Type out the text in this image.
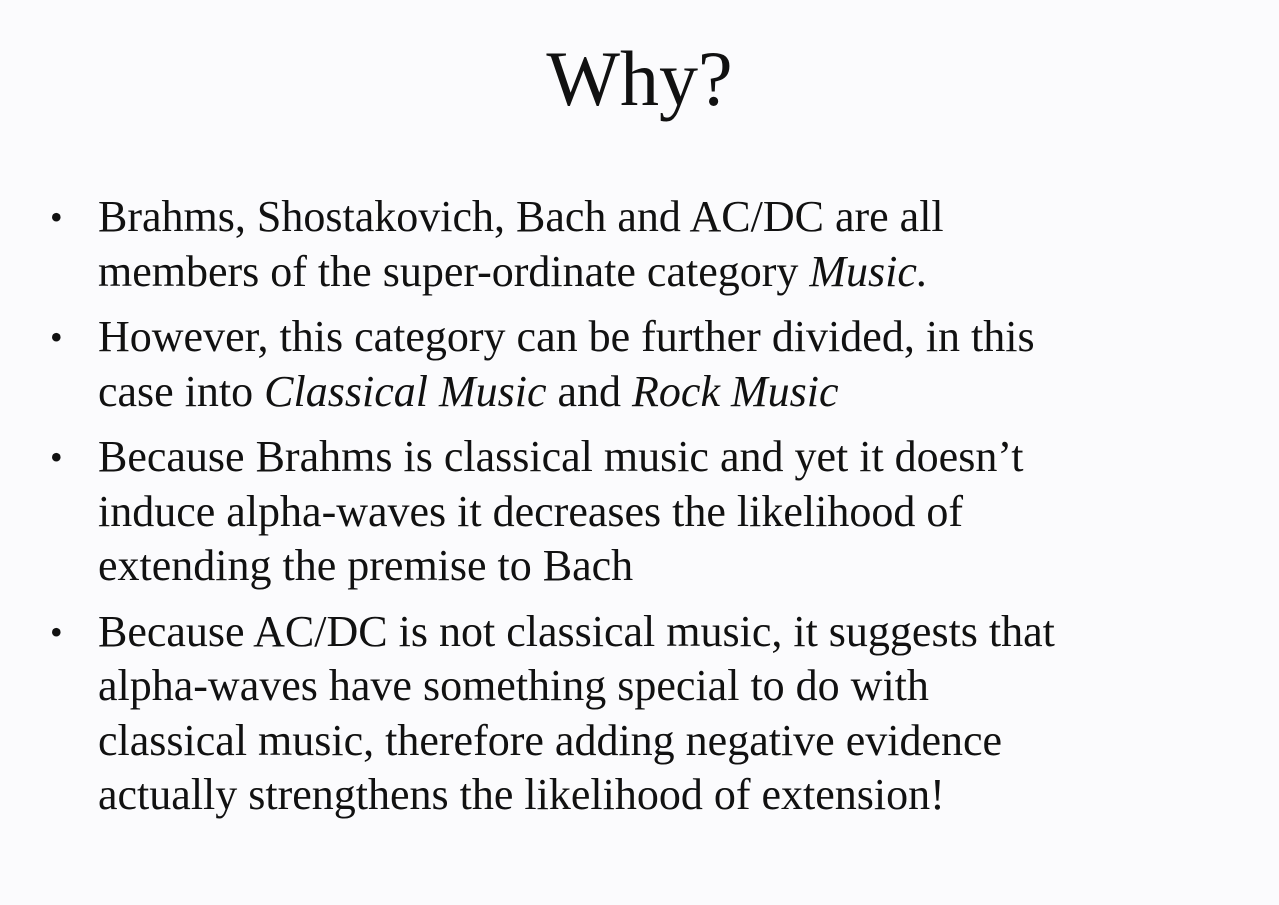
Why?
• Brahms, Shostakovich, Bach and AC/DC are all
members of the super-ordinate category Music.
• However, this category can be further divided, in this
case into Classical Music and Rock Music
• Because Brahms is classical music and yet it doesn’t
induce alpha-waves it decreases the likelihood of
extending the premise to Bach
• Because AC/DC is not classical music, it suggests that
alpha-waves have something special to do with
classical music, therefore adding negative evidence
actually strengthens the likelihood of extension!
